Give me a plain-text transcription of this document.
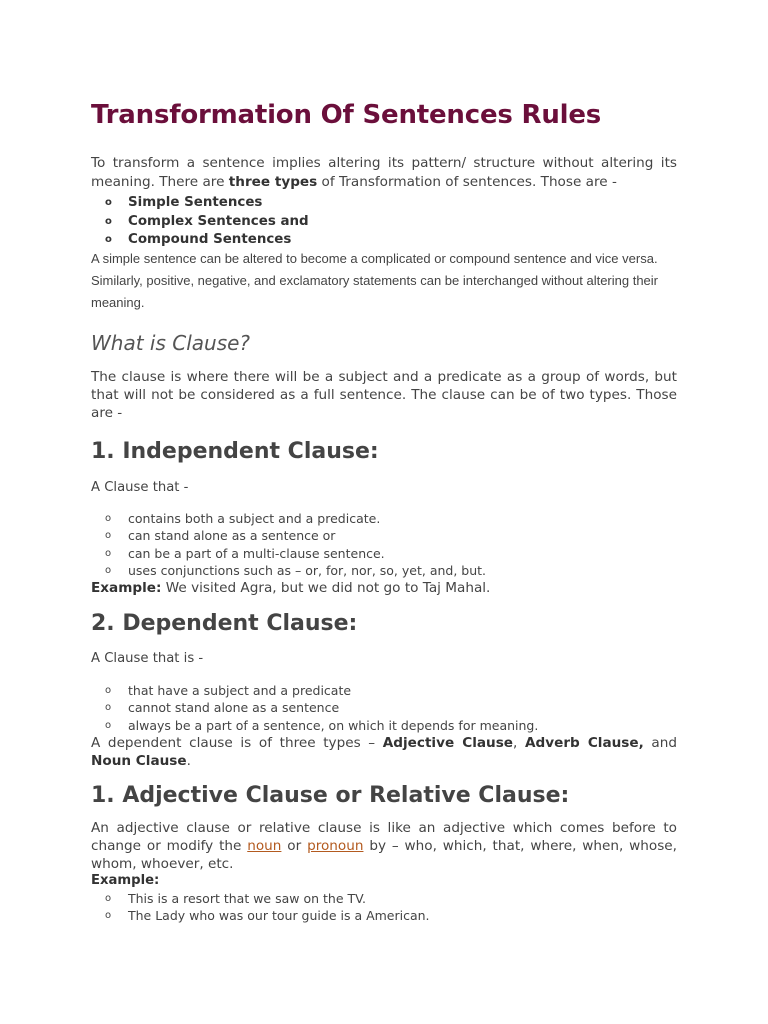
Transformation Of Sentences Rules

To transform a sentence implies altering its pattern/ structure without altering its meaning. There are three types of Transformation of sentences. Those are -

o Simple Sentences
o Complex Sentences and
o Compound Sentences

A simple sentence can be altered to become a complicated or compound sentence and vice versa. Similarly, positive, negative, and exclamatory statements can be interchanged without altering their meaning.

What is Clause?

The clause is where there will be a subject and a predicate as a group of words, but that will not be considered as a full sentence. The clause can be of two types. Those are -

1. Independent Clause:

A Clause that -

o contains both a subject and a predicate.
o can stand alone as a sentence or
o can be a part of a multi-clause sentence.
o uses conjunctions such as – or, for, nor, so, yet, and, but.

Example: We visited Agra, but we did not go to Taj Mahal.

2. Dependent Clause:

A Clause that is -

o that have a subject and a predicate
o cannot stand alone as a sentence
o always be a part of a sentence, on which it depends for meaning.

A dependent clause is of three types – Adjective Clause, Adverb Clause, and Noun Clause.

1. Adjective Clause or Relative Clause:

An adjective clause or relative clause is like an adjective which comes before to change or modify the noun or pronoun by – who, which, that, where, when, whose, whom, whoever, etc.

Example:

o This is a resort that we saw on the TV.
o The Lady who was our tour guide is a American.
